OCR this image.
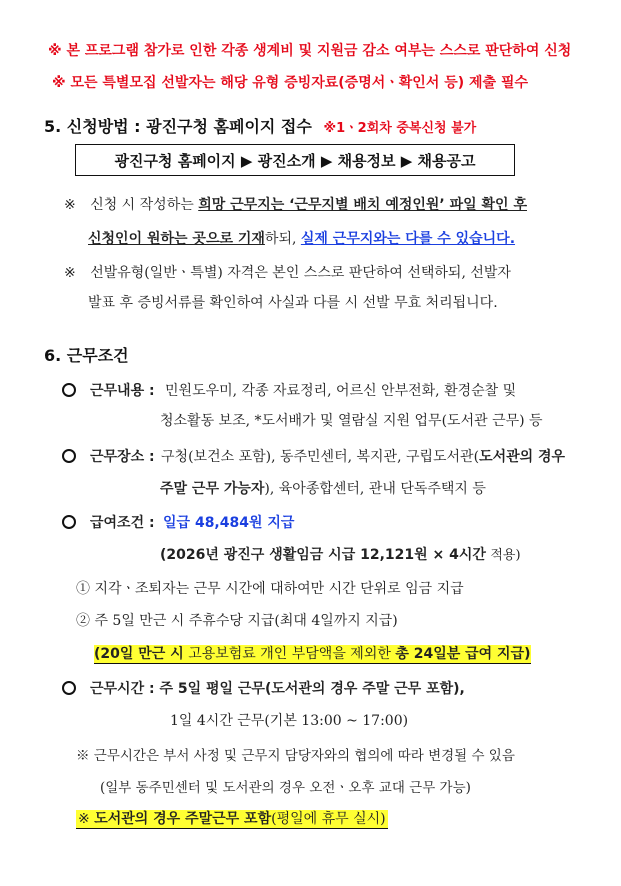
※ 본 프로그램 참가로 인한 각종 생계비 및 지원금 감소 여부는 스스로 판단하여 신청
※ 모든 특별모집 선발자는 해당 유형 증빙자료(증명서ㆍ확인서 등) 제출 필수
5. 신청방법 : 광진구청 홈페이지 접수 ※1ㆍ2회차 중복신청 불가
광진구청 홈페이지 ▶ 광진소개 ▶ 채용정보 ▶ 채용공고
※ 신청 시 작성하는 희망 근무지는 ‘근무지별 배치 예정인원’ 파일 확인 후
신청인이 원하는 곳으로 기재하되, 실제 근무지와는 다를 수 있습니다.
※ 선발유형(일반ㆍ특별) 자격은 본인 스스로 판단하여 선택하되, 선발자
발표 후 증빙서류를 확인하여 사실과 다를 시 선발 무효 처리됩니다.
6. 근무조건
근무내용 : 민원도우미, 각종 자료정리, 어르신 안부전화, 환경순찰 및
청소활동 보조, *도서배가 및 열람실 지원 업무(도서관 근무) 등
근무장소 : 구청(보건소 포함), 동주민센터, 복지관, 구립도서관(도서관의 경우
주말 근무 가능자), 육아종합센터, 관내 단독주택지 등
급여조건 : 일급 48,484원 지급
(2026년 광진구 생활임금 시급 12,121원 × 4시간 적용)
① 지각ㆍ조퇴자는 근무 시간에 대하여만 시간 단위로 임금 지급
② 주 5일 만근 시 주휴수당 지급(최대 4일까지 지급)
(20일 만근 시 고용보험료 개인 부담액을 제외한 총 24일분 급여 지급)
근무시간 : 주 5일 평일 근무(도서관의 경우 주말 근무 포함),
1일 4시간 근무(기본 13:00 ~ 17:00)
※ 근무시간은 부서 사정 및 근무지 담당자와의 협의에 따라 변경될 수 있음
(일부 동주민센터 및 도서관의 경우 오전ㆍ오후 교대 근무 가능)
※ 도서관의 경우 주말근무 포함(평일에 휴무 실시)
